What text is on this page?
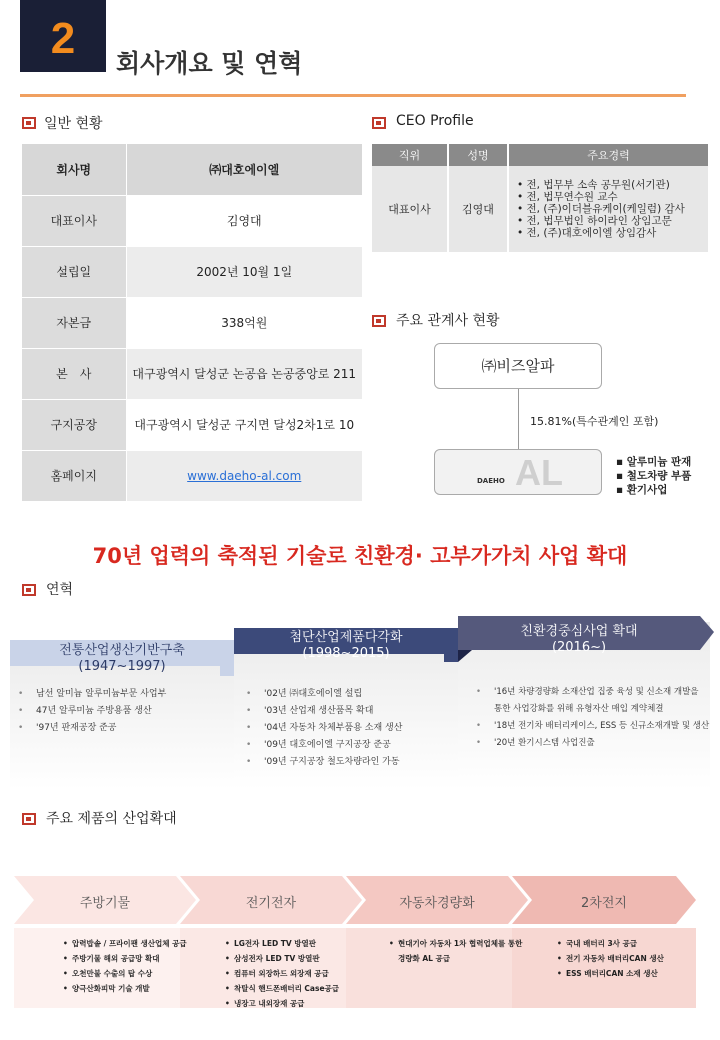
2
회사개요 및 연혁
일반 현황
회사명	㈜대호에이엘
대표이사	김영대
설립일	2002년 10월 1일
자본금	338억원
본　사	대구광역시 달성군 논공읍 논공중앙로 211
구지공장	대구광역시 달성군 구지면 달성2차1로 10
홈페이지	www.daeho-al.com
CEO Profile
직위	성명	주요경력
대표이사	김영대	• 전, 법무부 소속 공무원(서기관)
• 전, 법무연수원 교수
• 전, (주)이더블유케이(케일럼) 감사
• 전, 법무법인 하이라인 상임고문
• 전, (주)대호에이엘 상임감사
주요 관계사 현황
㈜비즈알파
15.81%(특수관계인 포함)
DAEHO AL	▪ 알루미늄 판재
▪ 철도차량 부품
▪ 환기사업
70년 업력의 축적된 기술로 친환경· 고부가가치 사업 확대
연혁
전통산업생산기반구축
(1947~1997)
첨단산업제품다각화
(1998~2015)
친환경중심사업 확대
(2016~)
• 남선 알미늄 알루미늄부문 사업부
• 47년 알루미늄 주방용품 생산
• '97년 판재공장 준공
• '02년 ㈜대호에이엘 설립
• '03년 산업재 생산품목 확대
• '04년 자동차 차체부품용 소재 생산
• '09년 대호에이엘 구지공장 준공
• '09년 구지공장 철도차량라인 가동
• '16년 차량경량화 소재산업 집중 육성 및 신소재 개발을
통한 사업강화를 위해 유형자산 매입 계약체결
• '18년 전기차 배터리케이스, ESS 등 신규소재개발 및 생산
• '20년 환기시스템 사업진출
주요 제품의 산업확대
주방기물	전기전자	자동차경량화	2차전지
• 압력밥솥 / 프라이팬 생산업체 공급
• 주방기물 해외 공급망 확대
• 오천만불 수출의 탑 수상
• 양극산화피막 기술 개발
• LG전자 LED TV 방열판
• 삼성전자 LED TV 방열판
• 컴퓨터 외장하드 외장재 공급
• 착탈식 핸드폰배터리 Case공급
• 냉장고 내외장재 공급
• 현대기아 자동차 1차 협력업체를 통한
경량화 AL 공급
• 국내 배터리 3사 공급
• 전기 자동차 배터리CAN 생산
• ESS 배터리CAN 소재 생산
